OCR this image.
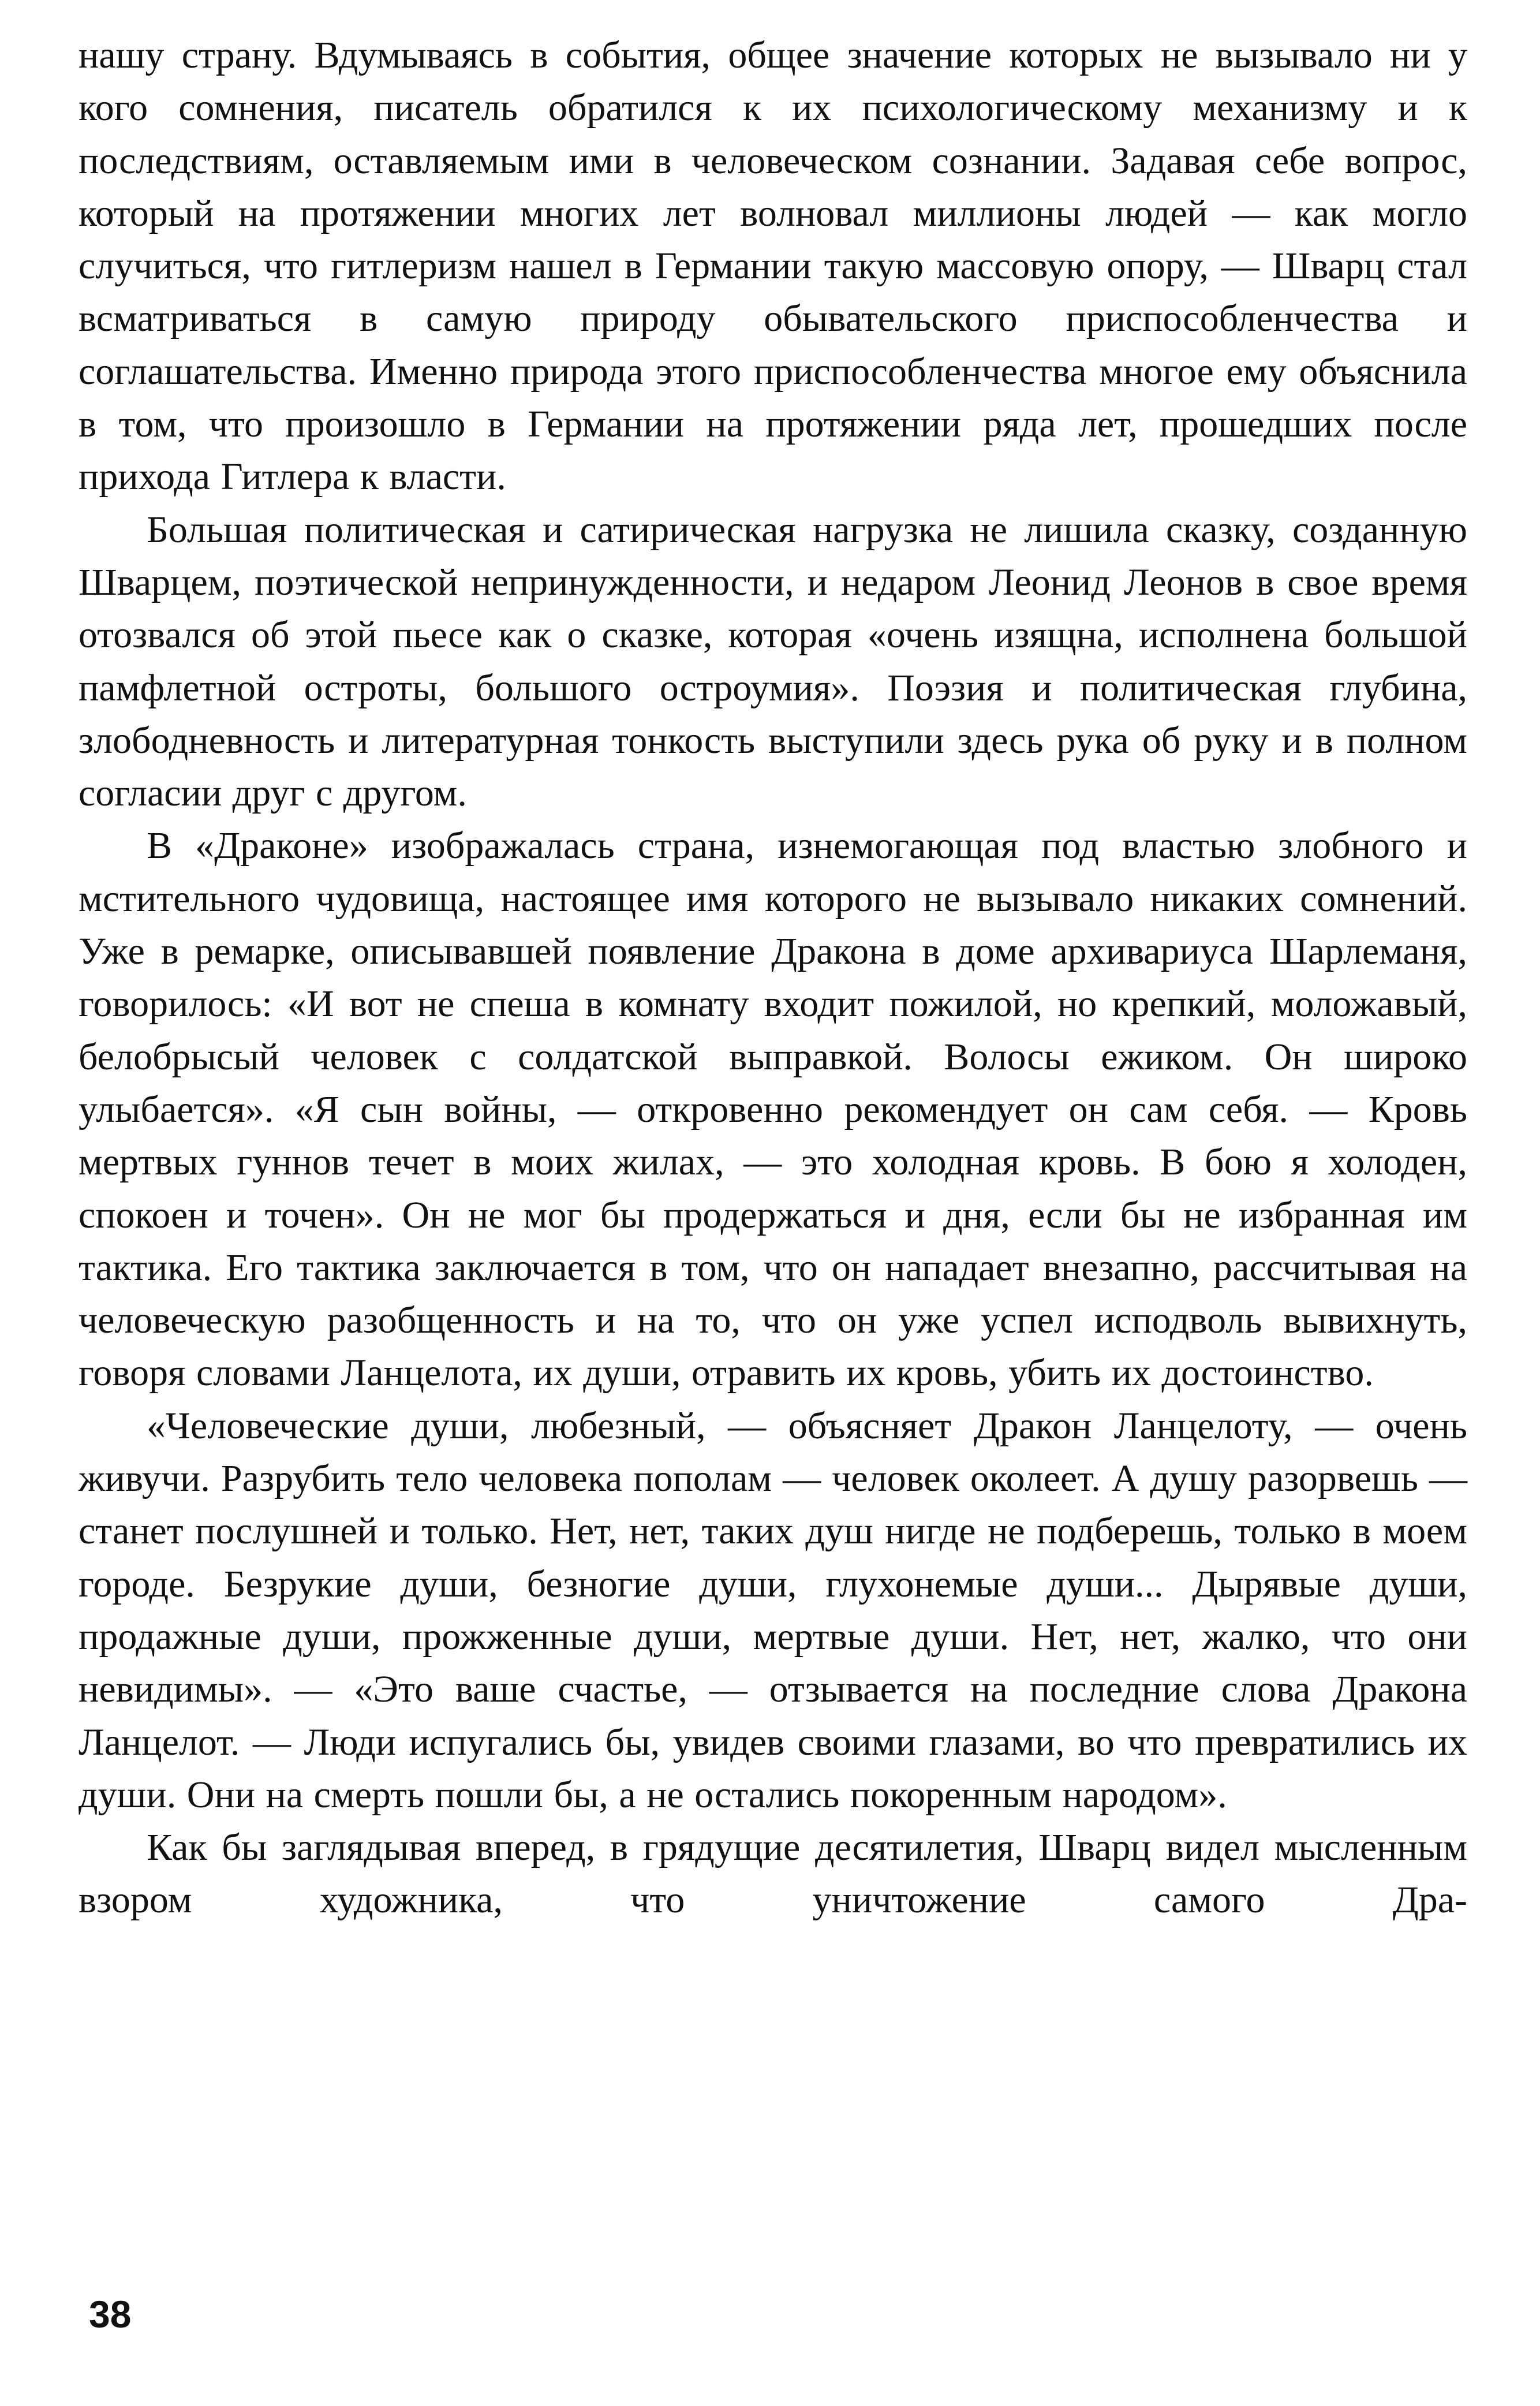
нашу страну. Вдумываясь в события, общее значение которых не вызывало ни у кого сомнения, писатель обратился к их психологическому механизму и к последствиям, оставляемым ими в человеческом сознании. Задавая себе вопрос, который на протяжении многих лет волновал миллионы людей — как могло случиться, что гитлеризм нашел в Германии такую массовую опору, — Шварц стал всматриваться в самую природу обывательского приспособленчества и соглашательства. Именно природа этого приспособленчества многое ему объяснила в том, что произошло в Германии на протяжении ряда лет, прошедших после прихода Гитлера к власти.

Большая политическая и сатирическая нагрузка не лишила сказку, созданную Шварцем, поэтической непринужденности, и недаром Леонид Леонов в свое время отозвался об этой пьесе как о сказке, которая «очень изящна, исполнена большой памфлетной остроты, большого остроумия». Поэзия и политическая глубина, злободневность и литературная тонкость выступили здесь рука об руку и в полном согласии друг с другом.

В «Драконе» изображалась страна, изнемогающая под властью злобного и мстительного чудовища, настоящее имя которого не вызывало никаких сомнений. Уже в ремарке, описывавшей появление Дракона в доме архивариуса Шарлеманя, говорилось: «И вот не спеша в комнату входит пожилой, но крепкий, моложавый, белобрысый человек с солдатской выправкой. Волосы ежиком. Он широко улыбается». «Я сын войны, — откровенно рекомендует он сам себя. — Кровь мертвых гуннов течет в моих жилах, — это холодная кровь. В бою я холоден, спокоен и точен». Он не мог бы продержаться и дня, если бы не избранная им тактика. Его тактика заключается в том, что он нападает внезапно, рассчитывая на человеческую разобщенность и на то, что он уже успел исподволь вывихнуть, говоря словами Ланцелота, их души, отравить их кровь, убить их достоинство.

«Человеческие души, любезный, — объясняет Дракон Ланцелоту, — очень живучи. Разрубить тело человека пополам — человек околеет. А душу разорвешь — станет послушней и только. Нет, нет, таких душ нигде не подберешь, только в моем городе. Безрукие души, безногие души, глухонемые души... Дырявые души, продажные души, прожженные души, мертвые души. Нет, нет, жалко, что они невидимы». — «Это ваше счастье, — отзывается на последние слова Дракона Ланцелот. — Люди испугались бы, увидев своими глазами, во что превратились их души. Они на смерть пошли бы, а не остались покоренным народом».

Как бы заглядывая вперед, в грядущие десятилетия, Шварц видел мысленным взором художника, что уничтожение самого Дра-

38
